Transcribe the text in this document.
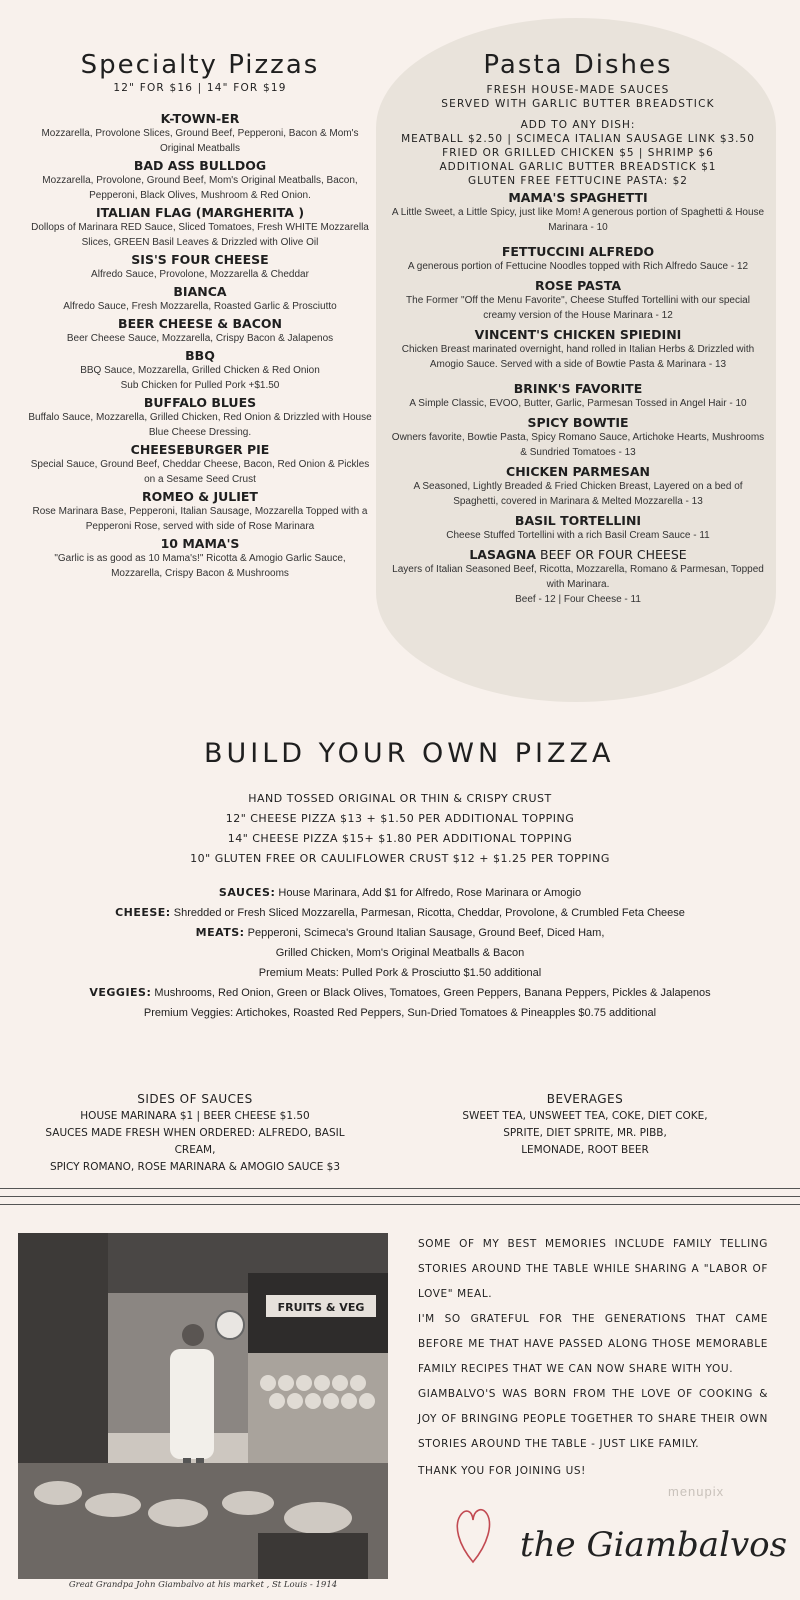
Specialty Pizzas
12" FOR $16 | 14" FOR $19
K-TOWN-ER
Mozzarella, Provolone Slices, Ground Beef, Pepperoni, Bacon & Mom's Original Meatballs
BAD ASS BULLDOG
Mozzarella, Provolone, Ground Beef, Mom's Original Meatballs, Bacon, Pepperoni, Black Olives, Mushroom & Red Onion.
ITALIAN FLAG (MARGHERITA )
Dollops of Marinara RED Sauce, Sliced Tomatoes, Fresh WHITE Mozzarella Slices, GREEN Basil Leaves & Drizzled with Olive Oil
SIS'S FOUR CHEESE
Alfredo Sauce, Provolone, Mozzarella & Cheddar
BIANCA
Alfredo Sauce, Fresh Mozzarella, Roasted Garlic & Prosciutto
BEER CHEESE & BACON
Beer Cheese Sauce, Mozzarella, Crispy Bacon & Jalapenos
BBQ
BBQ Sauce, Mozzarella, Grilled Chicken & Red Onion
Sub Chicken for Pulled Pork +$1.50
BUFFALO BLUES
Buffalo Sauce, Mozzarella, Grilled Chicken, Red Onion & Drizzled with House Blue Cheese Dressing.
CHEESEBURGER PIE
Special Sauce, Ground Beef, Cheddar Cheese, Bacon, Red Onion & Pickles on a Sesame Seed Crust
ROMEO & JULIET
Rose Marinara Base, Pepperoni, Italian Sausage, Mozzarella Topped with a Pepperoni Rose, served with side of Rose Marinara
10 MAMA'S
"Garlic is as good as 10 Mama's!" Ricotta & Amogio Garlic Sauce, Mozzarella, Crispy Bacon & Mushrooms
Pasta Dishes
FRESH HOUSE-MADE SAUCES
SERVED WITH GARLIC BUTTER BREADSTICK
ADD TO ANY DISH:
MEATBALL $2.50 | SCIMECA ITALIAN SAUSAGE LINK $3.50
FRIED OR GRILLED CHICKEN $5 | SHRIMP $6
ADDITIONAL GARLIC BUTTER BREADSTICK $1
GLUTEN FREE FETTUCINE PASTA: $2
MAMA'S SPAGHETTI
A Little Sweet, a Little Spicy, just like Mom! A generous portion of Spaghetti & House Marinara - 10
FETTUCCINI ALFREDO
A generous portion of Fettucine Noodles topped with Rich Alfredo Sauce - 12
ROSE PASTA
The Former "Off the Menu Favorite", Cheese Stuffed Tortellini with our special creamy version of the House Marinara - 12
VINCENT'S CHICKEN SPIEDINI
Chicken Breast marinated overnight, hand rolled in Italian Herbs & Drizzled with Amogio Sauce. Served with a side of Bowtie Pasta & Marinara - 13
BRINK'S FAVORITE
A Simple Classic, EVOO, Butter, Garlic, Parmesan Tossed in Angel Hair - 10
SPICY BOWTIE
Owners favorite, Bowtie Pasta, Spicy Romano Sauce, Artichoke Hearts, Mushrooms & Sundried Tomatoes - 13
CHICKEN PARMESAN
A Seasoned, Lightly Breaded & Fried Chicken Breast, Layered on a bed of Spaghetti, covered in Marinara & Melted Mozzarella - 13
BASIL TORTELLINI
Cheese Stuffed Tortellini with a rich Basil Cream Sauce - 11
LASAGNA BEEF OR FOUR CHEESE
Layers of Italian Seasoned Beef, Ricotta, Mozzarella, Romano & Parmesan, Topped with Marinara.
Beef - 12 | Four Cheese - 11
BUILD YOUR OWN PIZZA
HAND TOSSED ORIGINAL OR THIN & CRISPY CRUST
12" CHEESE PIZZA $13 + $1.50 PER ADDITIONAL TOPPING
14" CHEESE PIZZA $15+ $1.80 PER ADDITIONAL TOPPING
10" GLUTEN FREE OR CAULIFLOWER CRUST $12 + $1.25 PER TOPPING
SAUCES: House Marinara, Add $1 for Alfredo, Rose Marinara or Amogio
CHEESE: Shredded or Fresh Sliced Mozzarella, Parmesan, Ricotta, Cheddar, Provolone, & Crumbled Feta Cheese
MEATS: Pepperoni, Scimeca's Ground Italian Sausage, Ground Beef, Diced Ham,
Grilled Chicken, Mom's Original Meatballs & Bacon
Premium Meats: Pulled Pork & Prosciutto $1.50 additional
VEGGIES: Mushrooms, Red Onion, Green or Black Olives, Tomatoes, Green Peppers, Banana Peppers, Pickles & Jalapenos
Premium Veggies: Artichokes, Roasted Red Peppers, Sun-Dried Tomatoes & Pineapples $0.75 additional
SIDES OF SAUCES
HOUSE MARINARA $1 | BEER CHEESE $1.50
SAUCES MADE FRESH WHEN ORDERED: ALFREDO, BASIL CREAM,
SPICY ROMANO, ROSE MARINARA & AMOGIO SAUCE $3
BEVERAGES
SWEET TEA, UNSWEET TEA, COKE, DIET COKE,
SPRITE, DIET SPRITE, MR. PIBB,
LEMONADE, ROOT BEER
FRUITS & VEG
Great Grandpa John Giambalvo at his market , St Louis - 1914
SOME OF MY BEST MEMORIES INCLUDE FAMILY TELLING STORIES AROUND THE TABLE WHILE SHARING A "LABOR OF LOVE" MEAL.
I'M SO GRATEFUL FOR THE GENERATIONS THAT CAME BEFORE ME THAT HAVE PASSED ALONG THOSE MEMORABLE FAMILY RECIPES THAT WE CAN NOW SHARE WITH YOU.
GIAMBALVO'S WAS BORN FROM THE LOVE OF COOKING & JOY OF BRINGING PEOPLE TOGETHER TO SHARE THEIR OWN STORIES AROUND THE TABLE - JUST LIKE FAMILY.
THANK YOU FOR JOINING US!
menupix
the Giambalvos
